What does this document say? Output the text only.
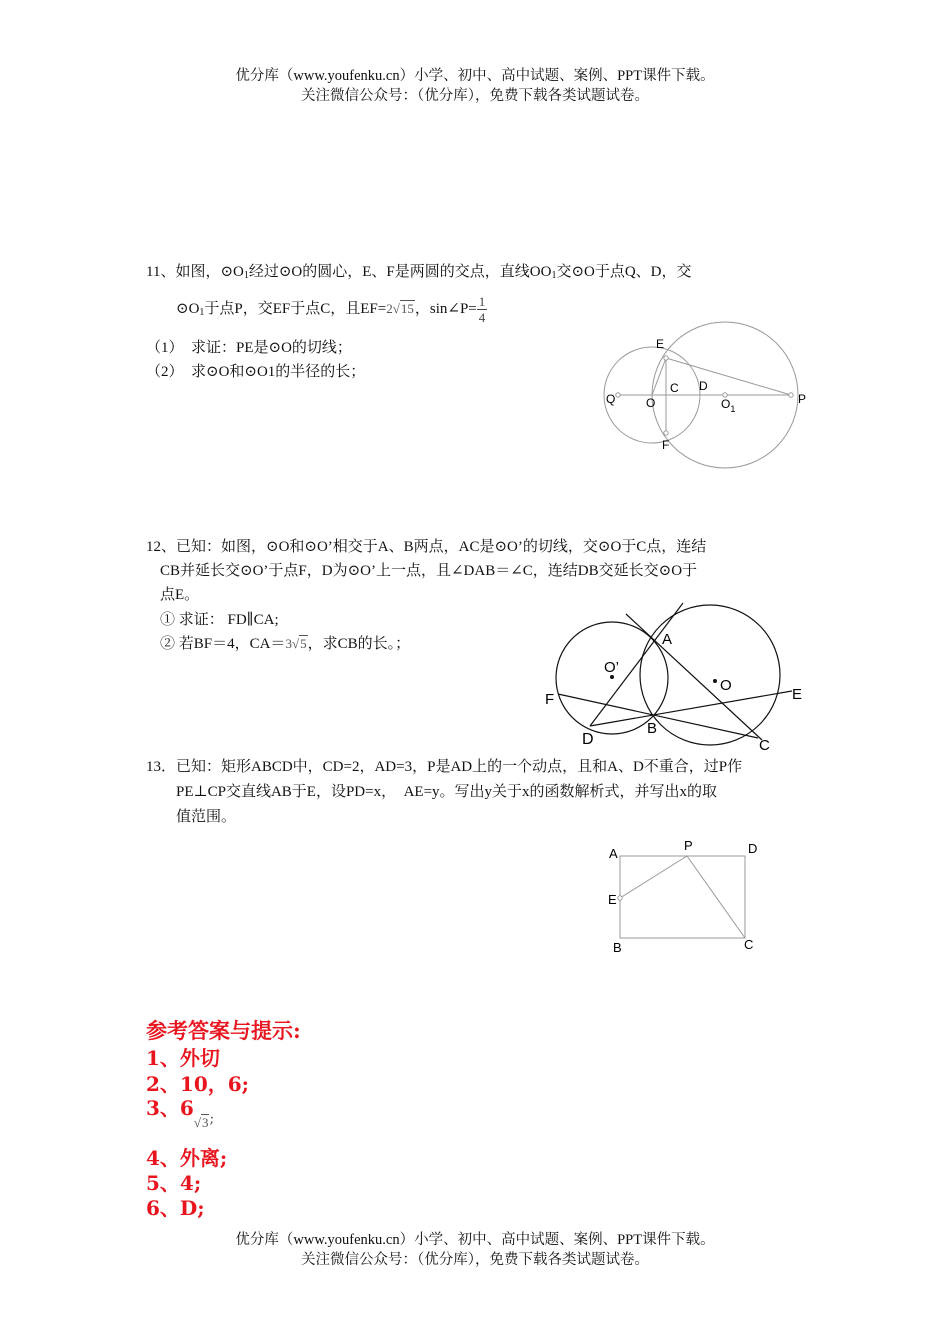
优分库（www.youfenku.cn）小学、初中、高中试题、案例、PPT课件下载。
关注微信公众号：（优分库），免费下载各类试题试卷。
11、如图，$⊙O_1$经过⊙O的圆心，E、F是两圆的交点，直线$OO_1$交⊙O于点Q、D，交
$⊙O_1$于点P，交EF于点C，且EF=2√15，sin∠P= $\frac{1}{4}$
（1）　求证：PE是⊙O的切线；
（2）　求⊙O和⊙O1的半径的长；
E
C D
Q	O	$O_1$
P
F
12、已知：如图，⊙O和⊙O’相交于A、B两点，AC是⊙O’的切线，交⊙O于C点，连结
CB并延长交⊙O’于点F，D为⊙O’上一点，且∠DAB＝∠C，连结DB交延长交⊙O于
点E。
① 求证： FD∥CA;
② 若BF＝4，CA＝3√5，求CB的长。；	A
O’
O
F	E
B
D	C
13．已知：矩形ABCD中，CD=2，AD=3，P是AD上的一个动点，且和A、D不重合，过P作
PE⊥CP交直线AB于E，设PD=x，　AE=y。写出y关于x的函数解析式，并写出x的取
值范围。
A
P	D
E
B	C
参考答案与提示:
1、外切
2、10，6;
3、$6_{√3;}$
4、外离;
5、4;
6、D;
优分库（www.youfenku.cn）小学、初中、高中试题、案例、PPT课件下载。
关注微信公众号：（优分库），免费下载各类试题试卷。
